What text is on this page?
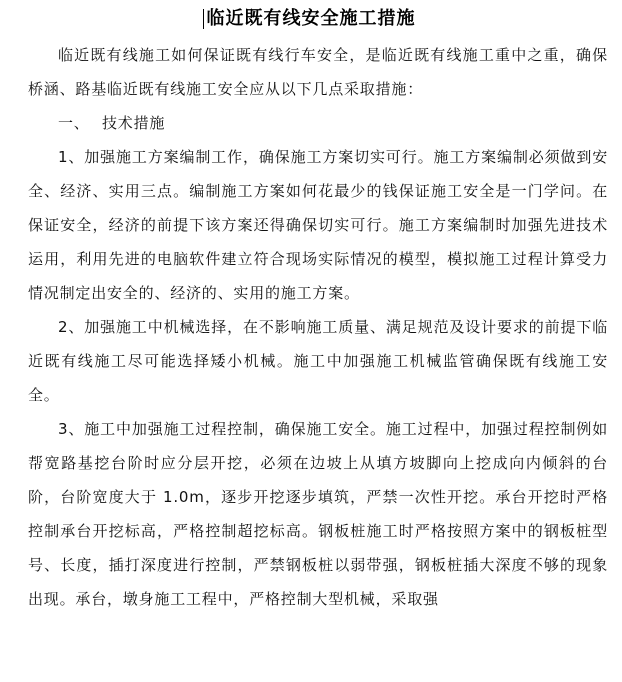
临近既有线安全施工措施

临近既有线施工如何保证既有线行车安全，是临近既有线施工重中之重，确保桥涵、路基临近既有线施工安全应从以下几点采取措施：

一、 技术措施

1、加强施工方案编制工作，确保施工方案切实可行。施工方案编制必须做到安全、经济、实用三点。编制施工方案如何花最少的钱保证施工安全是一门学问。在保证安全，经济的前提下该方案还得确保切实可行。施工方案编制时加强先进技术运用，利用先进的电脑软件建立符合现场实际情况的模型，模拟施工过程计算受力情况制定出安全的、经济的、实用的施工方案。

2、加强施工中机械选择，在不影响施工质量、满足规范及设计要求的前提下临近既有线施工尽可能选择矮小机械。施工中加强施工机械监管确保既有线施工安全。

3、施工中加强施工过程控制，确保施工安全。施工过程中，加强过程控制例如帮宽路基挖台阶时应分层开挖，必须在边坡上从填方坡脚向上挖成向内倾斜的台阶，台阶宽度大于 1.0m，逐步开挖逐步填筑，严禁一次性开挖。承台开挖时严格控制承台开挖标高，严格控制超挖标高。钢板桩施工时严格按照方案中的钢板桩型号、长度，插打深度进行控制，严禁钢板桩以弱带强，钢板桩插大深度不够的现象出现。承台，墩身施工工程中，严格控制大型机械，采取强
